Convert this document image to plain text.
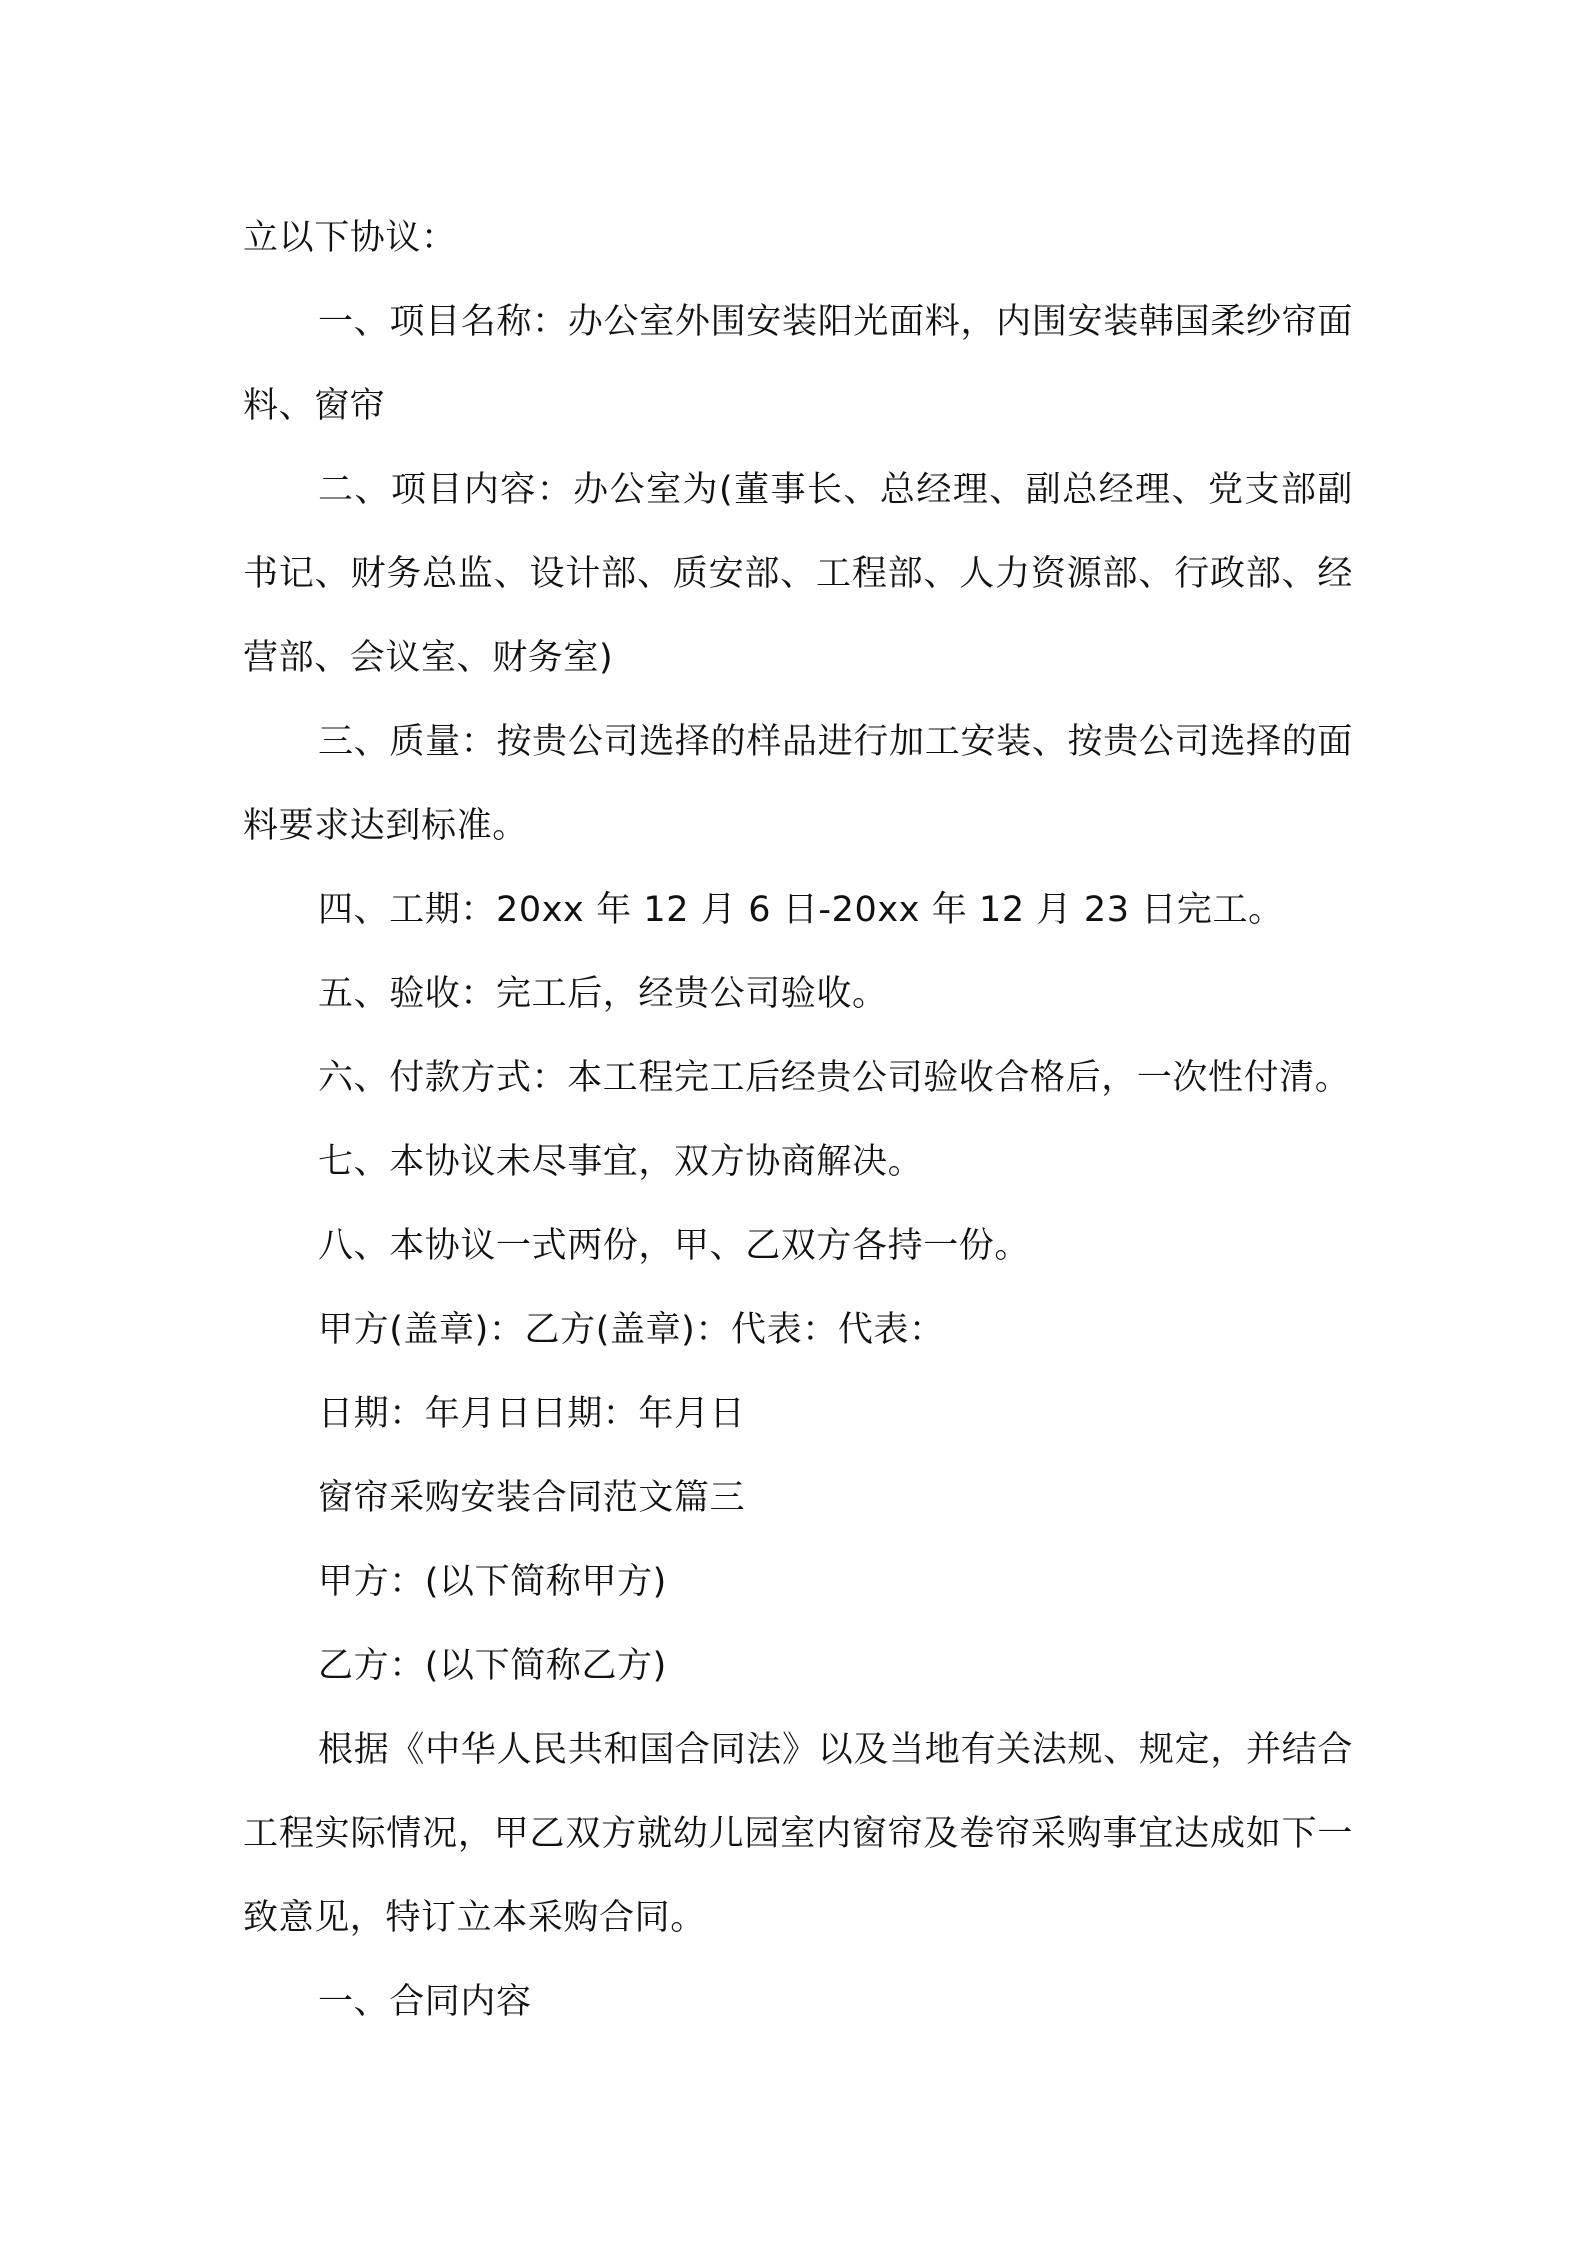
立以下协议：

一、项目名称：办公室外围安装阳光面料，内围安装韩国柔纱帘面料、窗帘

二、项目内容：办公室为(董事长、总经理、副总经理、党支部副书记、财务总监、设计部、质安部、工程部、人力资源部、行政部、经营部、会议室、财务室)

三、质量：按贵公司选择的样品进行加工安装、按贵公司选择的面料要求达到标准。

四、工期：20xx 年 12 月 6 日-20xx 年 12 月 23 日完工。

五、验收：完工后，经贵公司验收。

六、付款方式：本工程完工后经贵公司验收合格后，一次性付清。

七、本协议未尽事宜，双方协商解决。

八、本协议一式两份，甲、乙双方各持一份。

甲方(盖章)：乙方(盖章)：代表：代表：

日期：年月日日期：年月日

窗帘采购安装合同范文篇三

甲方：(以下简称甲方)

乙方：(以下简称乙方)

根据《中华人民共和国合同法》以及当地有关法规、规定，并结合工程实际情况，甲乙双方就幼儿园室内窗帘及卷帘采购事宜达成如下一致意见，特订立本采购合同。

一、合同内容
